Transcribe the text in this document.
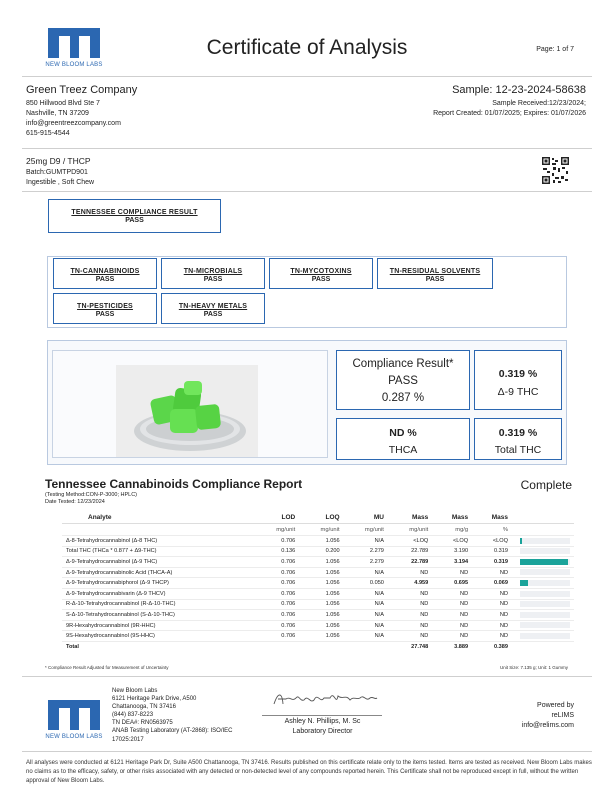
NEW BLOOM LABS
Certificate of Analysis	Page: 1 of 7
Green Treez Company
850 Hillwood Blvd Ste 7
Nashville, TN 37209
info@greentreezcompany.com
615-915-4544
Sample: 12-23-2024-58638
Sample Received:12/23/2024;
Report Created: 01/07/2025; Expires: 01/07/2026
25mg D9 / THCP
Batch:GUMTPD901
Ingestible , Soft Chew
TENNESSEE COMPLIANCE RESULT
PASS
TN-CANNABINOIDS
PASS
TN-MICROBIALS
PASS
TN-MYCOTOXINS
PASS
TN-RESIDUAL SOLVENTS
PASS
TN-PESTICIDES
PASS
TN-HEAVY METALS
PASS
Compliance Result*
PASS
0.287 %
0.319 %
Δ-9 THC
ND %
THCA
0.319 %
Total THC
Tennessee Cannabinoids Compliance Report	Complete
(Testing Method:CON-P-3000; HPLC)
Date Tested: 12/23/2024
Analyte	LOD	LOQ	MU	Mass	Mass	Mass	
	mg/unit	mg/unit	mg/unit	mg/unit	mg/g	%	
Δ-8-Tetrahydrocannabinol (Δ-8 THC)	0.706	1.056	N/A	<LOQ	<LOQ	<LOQ	

Total THC (THCa * 0.877 + Δ9-THC)	0.136	0.200	2.279	22.789	3.190	0.319	

Δ-9-Tetrahydrocannabinol (Δ-9 THC)	0.706	1.056	2.279	22.789	3.194	0.319	

Δ-9-Tetrahydrocannabinolic Acid (THCA-A)	0.706	1.056	N/A	ND	ND	ND	

Δ-9-Tetrahydrocannabiphorol (Δ-9 THCP)	0.706	1.056	0.050	4.959	0.695	0.069	

Δ-9-Tetrahydrocannabivarin (Δ-9 THCV)	0.706	1.056	N/A	ND	ND	ND	

R-Δ-10-Tetrahydrocannabinol (R-Δ-10-THC)	0.706	1.056	N/A	ND	ND	ND	

S-Δ-10-Tetrahydrocannabinol (S-Δ-10-THC)	0.706	1.056	N/A	ND	ND	ND	

9R-Hexahydrocannabinol (9R-HHC)	0.706	1.056	N/A	ND	ND	ND	

9S-Hexahydrocannabinol (9S-HHC)	0.706	1.056	N/A	ND	ND	ND	

Total				27.748	3.889	0.389	
* Compliance Result Adjusted for Measurement of Uncertainty	Unit Size: 7.135 g; Unit: 1 Gummy
NEW BLOOM LABS
New Bloom Labs
6121 Heritage Park Drive, A500
Chattanooga, TN 37416
(844) 837-8223
TN DEA#: RN0563975
ANAB Testing Laboratory (AT-2868): ISO/IEC
17025:2017
Ashley N. Phillips, M. Sc
Laboratory Director
Powered by
reLIMS
info@relims.com
All analyses were conducted at 6121 Heritage Park Dr, Suite A500 Chattanooga, TN 37416. Results published on this certificate relate only to the items tested. Items are tested as received. New Bloom Labs makes no claims as to the efficacy, safety, or other risks associated with any detected or non-detected level of any compounds reported herein. This Certificate shall not be reproduced except in full, without the written approval of New Bloom Labs.
